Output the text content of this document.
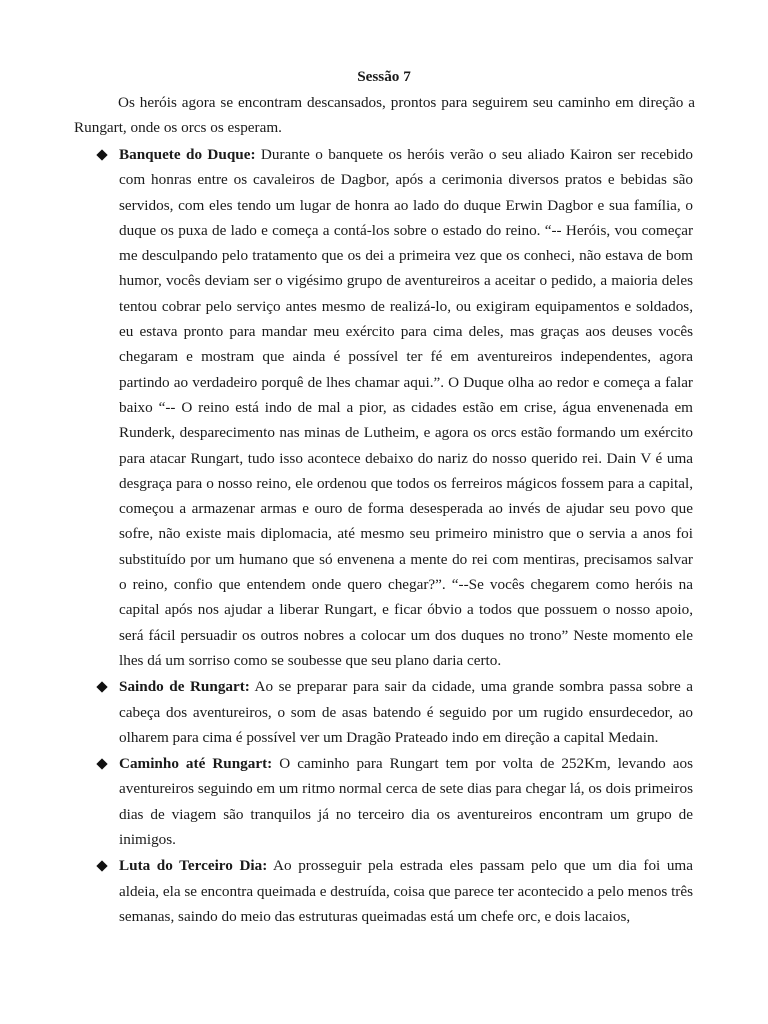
Sessão 7

Os heróis agora se encontram descansados, prontos para seguirem seu caminho em direção a Rungart, onde os orcs os esperam.

Banquete do Duque: Durante o banquete os heróis verão o seu aliado Kairon ser recebido com honras entre os cavaleiros de Dagbor, após a cerimonia diversos pratos e bebidas são servidos, com eles tendo um lugar de honra ao lado do duque Erwin Dagbor e sua família, o duque os puxa de lado e começa a contá-los sobre o estado do reino. “-- Heróis, vou começar me desculpando pelo tratamento que os dei a primeira vez que os conheci, não estava de bom humor, vocês deviam ser o vigésimo grupo de aventureiros a aceitar o pedido, a maioria deles tentou cobrar pelo serviço antes mesmo de realizá-lo, ou exigiram equipamentos e soldados, eu estava pronto para mandar meu exército para cima deles, mas graças aos deuses vocês chegaram e mostram que ainda é possível ter fé em aventureiros independentes, agora partindo ao verdadeiro porquê de lhes chamar aqui.”. O Duque olha ao redor e começa a falar baixo “-- O reino está indo de mal a pior, as cidades estão em crise, água envenenada em Runderk, desparecimento nas minas de Lutheim, e agora os orcs estão formando um exército para atacar Rungart, tudo isso acontece debaixo do nariz do nosso querido rei. Dain V é uma desgraça para o nosso reino, ele ordenou que todos os ferreiros mágicos fossem para a capital, começou a armazenar armas e ouro de forma desesperada ao invés de ajudar seu povo que sofre, não existe mais diplomacia, até mesmo seu primeiro ministro que o servia a anos foi substituído por um humano que só envenena a mente do rei com mentiras, precisamos salvar o reino, confio que entendem onde quero chegar?”. “--Se vocês chegarem como heróis na capital após nos ajudar a liberar Rungart, e ficar óbvio a todos que possuem o nosso apoio, será fácil persuadir os outros nobres a colocar um dos duques no trono” Neste momento ele lhes dá um sorriso como se soubesse que seu plano daria certo.
Saindo de Rungart: Ao se preparar para sair da cidade, uma grande sombra passa sobre a cabeça dos aventureiros, o som de asas batendo é seguido por um rugido ensurdecedor, ao olharem para cima é possível ver um Dragão Prateado indo em direção a capital Medain.
Caminho até Rungart: O caminho para Rungart tem por volta de 252Km, levando aos aventureiros seguindo em um ritmo normal cerca de sete dias para chegar lá, os dois primeiros dias de viagem são tranquilos já no terceiro dia os aventureiros encontram um grupo de inimigos.
Luta do Terceiro Dia: Ao prosseguir pela estrada eles passam pelo que um dia foi uma aldeia, ela se encontra queimada e destruída, coisa que parece ter acontecido a pelo menos três semanas, saindo do meio das estruturas queimadas está um chefe orc, e dois lacaios,
